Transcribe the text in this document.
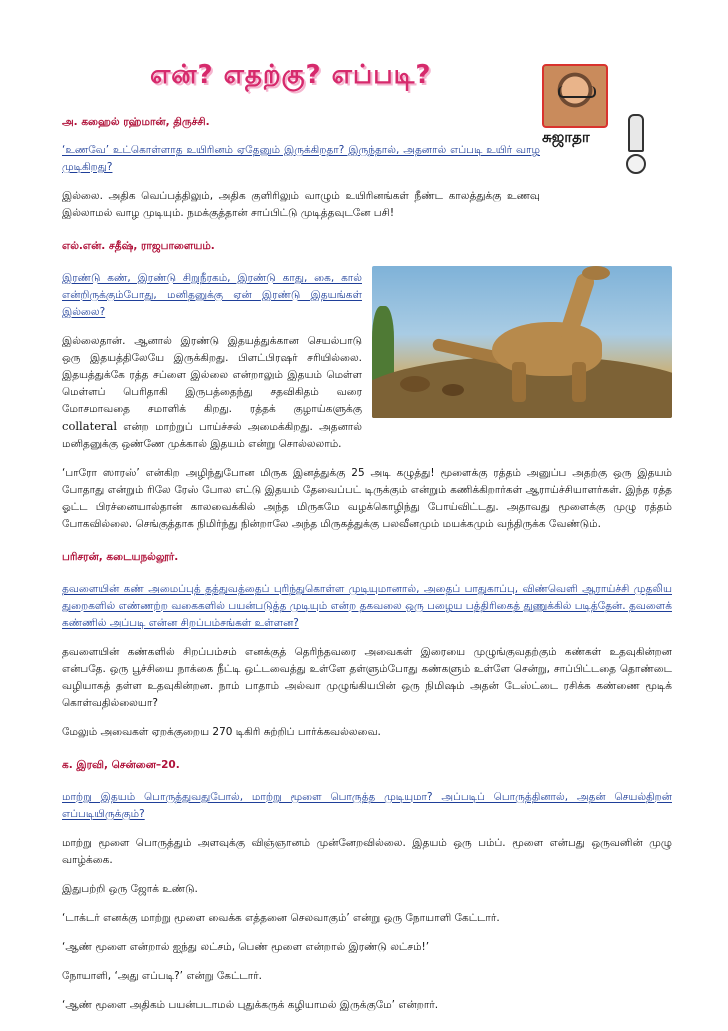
என்? எதற்கு? எப்படி?
சுஜாதா

அ. கஹைல் ரஹ்மான், திருச்சி.

‘உணவே’ உட்கொள்ளாத உயிரினம் ஏதேனும் இருக்கிறதா? இருந்தால், அதனால் எப்படி உயிர் வாழ முடிகிறது?

இல்லை. அதிக வெப்பத்திலும், அதிக குளிரிலும் வாழும் உயிரினங்கள் நீண்ட காலத்துக்கு உணவு இல்லாமல் வாழ முடியும். நமக்குத்தான் சாப்பிட்டு முடித்தவுடனே பசி!

எல்.என். சதீஷ், ராஜபாளையம்.

இரண்டு கண், இரண்டு சிறுநீரகம், இரண்டு காது, கை, கால் என்றிருக்கும்போது, மனிதனுக்கு ஏன் இரண்டு இதயங்கள் இல்லை?

இல்லைதான். ஆனால் இரண்டு இதயத்துக்கான செயல்பாடு ஒரு இதயத்திலேயே இருக்கிறது. பிளட்பிரஷர் சரியில்லை. இதயத்துக்கே ரத்த சப்ளை இல்லை என்றாலும் இதயம் மெள்ள மெள்ளப் பெரிதாகி இருபத்தைந்து சதவிகிதம் வரை மோசமாவதை சமாளிக் கிறது. ரத்தக் குழாய்களுக்கு collateral என்ற மாற்றுப் பாய்ச்சல் அமைக்கிறது. அதனால் மனிதனுக்கு ஒண்ணே முக்கால் இதயம் என்று சொல்லலாம்.

‘பாரோ ஸாரஸ்’ என்கிற அழிந்துபோன மிருக இனத்துக்கு 25 அடி கழுத்து! மூளைக்கு ரத்தம் அனுப்ப அதற்கு ஒரு இதயம் போதாது என்றும் ரிலே ரேஸ் போல எட்டு இதயம் தேவைப்பட் டிருக்கும் என்றும் கணிக்கிறார்கள் ஆராய்ச்சியாளர்கள். இந்த ரத்த ஓட்ட பிரச்னையால்தான் காலவைக்கில் அந்த மிருகமே வழக்கொழிந்து போய்விட்டது. அதாவது மூளைக்கு முழு ரத்தம் போகவில்லை. செங்குத்தாக நிமிர்ந்து நின்றாலே அந்த மிருகத்துக்கு பலவீனமும் மயக்கமும் வந்திருக்க வேண்டும்.

பரிசரன், கடையநல்லூர்.

தவளையின் கண் அமைப்புத் தத்துவத்தைப் புரிந்துகொள்ள முடியுமானால், அதைப் பாதுகாப்பு, விண்வெளி ஆராய்ச்சி முதலிய துறைகளில் எண்ணற்ற வகைகளில் பயன்படுத்த முடியும் என்ற தகவலை ஒரு பழைய பத்திரிகைத் துணுக்கில் படித்தேன். தவளைக் கண்ணில் அப்படி என்ன சிறப்பம்சங்கள் உள்ளன?

தவளையின் கண்களில் சிறப்பம்சம் எனக்குத் தெரிந்தவரை அவைகள் இரையை முழுங்குவதற்கும் கண்கள் உதவுகின்றன என்பதே. ஒரு பூச்சியை நாக்கை நீட்டி ஒட்டவைத்து உள்ளே தள்ளும்போது கண்களும் உள்ளே சென்று, சாப்பிட்டதை தொண்டை வழியாகத் தள்ள உதவுகின்றன. நாம் பாதாம் அல்வா முழுங்கியபின் ஒரு நிமிஷம் அதன் டேஸ்ட்டை ரசிக்க கண்ணை மூடிக் கொள்வதில்லையா?

மேலும் அவைகள் ஏறக்குறைய 270 டிகிரி சுற்றிப் பார்க்கவல்லவை.

க. இரவி, சென்னை–20.

மாற்று இதயம் பொருத்துவதுபோல், மாற்று மூளை பொருத்த முடியுமா? அப்படிப் பொருத்தினால், அதன் செயல்திறன் எப்படியிருக்கும்?

மாற்று மூளை பொருத்தும் அளவுக்கு விஞ்ஞானம் முன்னேறவில்லை. இதயம் ஒரு பம்ப். மூளை என்பது ஒருவனின் முழு வாழ்க்கை.

இதுபற்றி ஒரு ஜோக் உண்டு.

‘டாக்டர் எனக்கு மாற்று மூளை வைக்க எத்தனை செலவாகும்’ என்று ஒரு நோயாளி கேட்டார்.

‘ஆண் மூளை என்றால் ஐந்து லட்சம், பெண் மூளை என்றால் இரண்டு லட்சம்!’

நோயாளி, ‘அது எப்படி?’ என்று கேட்டார்.

‘ஆண் மூளை அதிகம் பயன்படாமல் புதுக்கருக் கழியாமல் இருக்குமே’ என்றார்.
